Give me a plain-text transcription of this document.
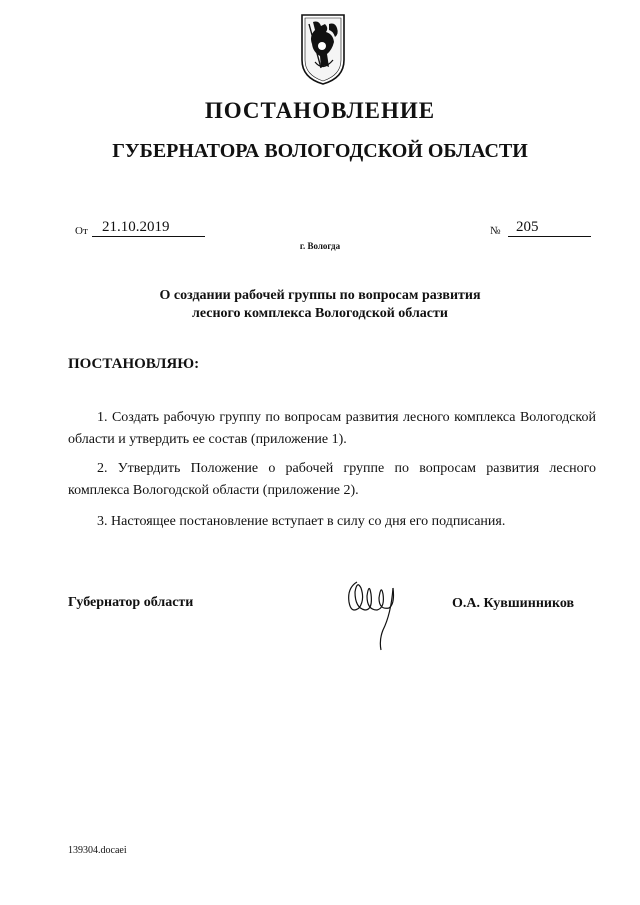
ПОСТАНОВЛЕНИЕ
ГУБЕРНАТОРА ВОЛОГОДСКОЙ ОБЛАСТИ
От 21.10.2019	№	205
г. Вологда
О создании рабочей группы по вопросам развития
лесного комплекса Вологодской области
ПОСТАНОВЛЯЮ:

1. Создать рабочую группу по вопросам развития лесного комплекса Вологодской области и утвердить ее состав (приложение 1).

2. Утвердить Положение о рабочей группе по вопросам развития лесного комплекса Вологодской области (приложение 2).

3. Настоящее постановление вступает в силу со дня его подписания.

Губернатор области	О.А. Кувшинников
139304.docaei
